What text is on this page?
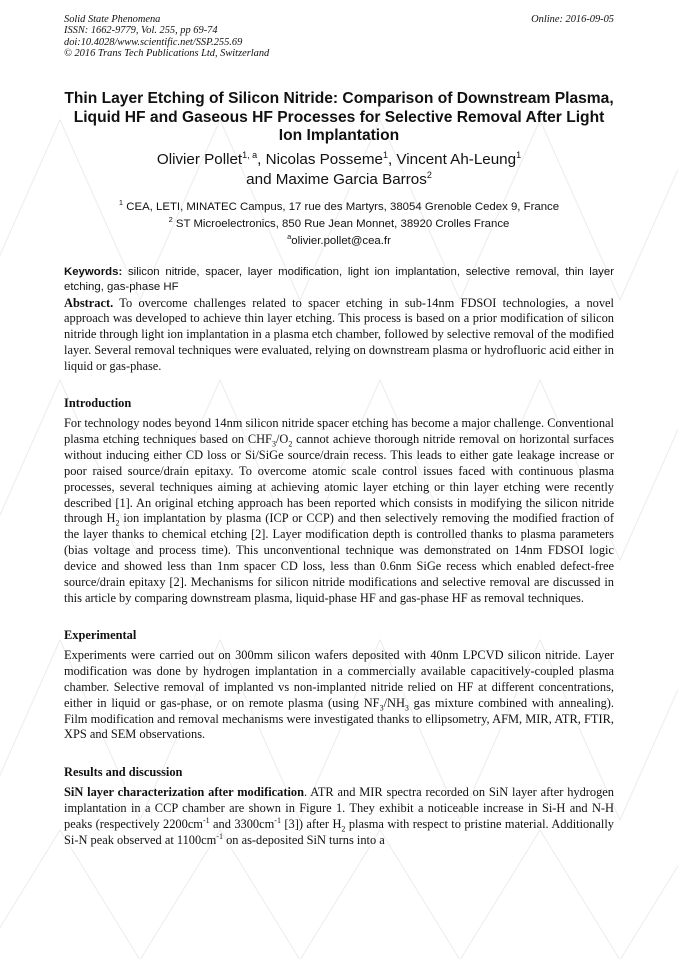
Solid State Phenomena
ISSN: 1662-9779, Vol. 255, pp 69-74
doi:10.4028/www.scientific.net/SSP.255.69
© 2016 Trans Tech Publications Ltd, Switzerland
Online: 2016-09-05
Thin Layer Etching of Silicon Nitride: Comparison of Downstream Plasma, Liquid HF and Gaseous HF Processes for Selective Removal After Light Ion Implantation
Olivier Pollet$^{1, a}$, Nicolas Posseme$^1$, Vincent Ah-Leung$^1$
and Maxime Garcia Barros$^2$
$^1$ CEA, LETI, MINATEC Campus, 17 rue des Martyrs, 38054 Grenoble Cedex 9, France
$^2$ ST Microelectronics, 850 Rue Jean Monnet, 38920 Crolles France
$^a$olivier.pollet@cea.fr
Keywords: silicon nitride, spacer, layer modification, light ion implantation, selective removal, thin layer etching, gas-phase HF

Abstract. To overcome challenges related to spacer etching in sub-14nm FDSOI technologies, a novel approach was developed to achieve thin layer etching. This process is based on a prior modification of silicon nitride through light ion implantation in a plasma etch chamber, followed by selective removal of the modified layer. Several removal techniques were evaluated, relying on downstream plasma or hydrofluoric acid either in liquid or gas-phase.

Introduction

For technology nodes beyond 14nm silicon nitride spacer etching has become a major challenge. Conventional plasma etching techniques based on $CHF_3/O_2$ cannot achieve thorough nitride removal on horizontal surfaces without inducing either CD loss or Si/SiGe source/drain recess. This leads to either gate leakage increase or poor raised source/drain epitaxy. To overcome atomic scale control issues faced with continuous plasma processes, several techniques aiming at achieving atomic layer etching or thin layer etching were recently described [1]. An original etching approach has been reported which consists in modifying the silicon nitride through $H_2$ ion implantation by plasma (ICP or CCP) and then selectively removing the modified fraction of the layer thanks to chemical etching [2]. Layer modification depth is controlled thanks to plasma parameters (bias voltage and process time). This unconventional technique was demonstrated on 14nm FDSOI logic device and showed less than 1nm spacer CD loss, less than 0.6nm SiGe recess which enabled defect-free source/drain epitaxy [2]. Mechanisms for silicon nitride modifications and selective removal are discussed in this article by comparing downstream plasma, liquid-phase HF and gas-phase HF as removal techniques.

Experimental

Experiments were carried out on 300mm silicon wafers deposited with 40nm LPCVD silicon nitride. Layer modification was done by hydrogen implantation in a commercially available capacitively-coupled plasma chamber. Selective removal of implanted vs non-implanted nitride relied on HF at different concentrations, either in liquid or gas-phase, or on remote plasma (using $NF_3/NH_3$ gas mixture combined with annealing). Film modification and removal mechanisms were investigated thanks to ellipsometry, AFM, MIR, ATR, FTIR, XPS and SEM observations.

Results and discussion

SiN layer characterization after modification. ATR and MIR spectra recorded on SiN layer after hydrogen implantation in a CCP chamber are shown in Figure 1. They exhibit a noticeable increase in Si-H and N-H peaks (respectively $2200cm^{-1}$ and $3300cm^{-1}$ [3]) after $H_2$ plasma with respect to pristine material. Additionally Si-N peak observed at $1100cm^{-1}$ on as-deposited SiN turns into a
